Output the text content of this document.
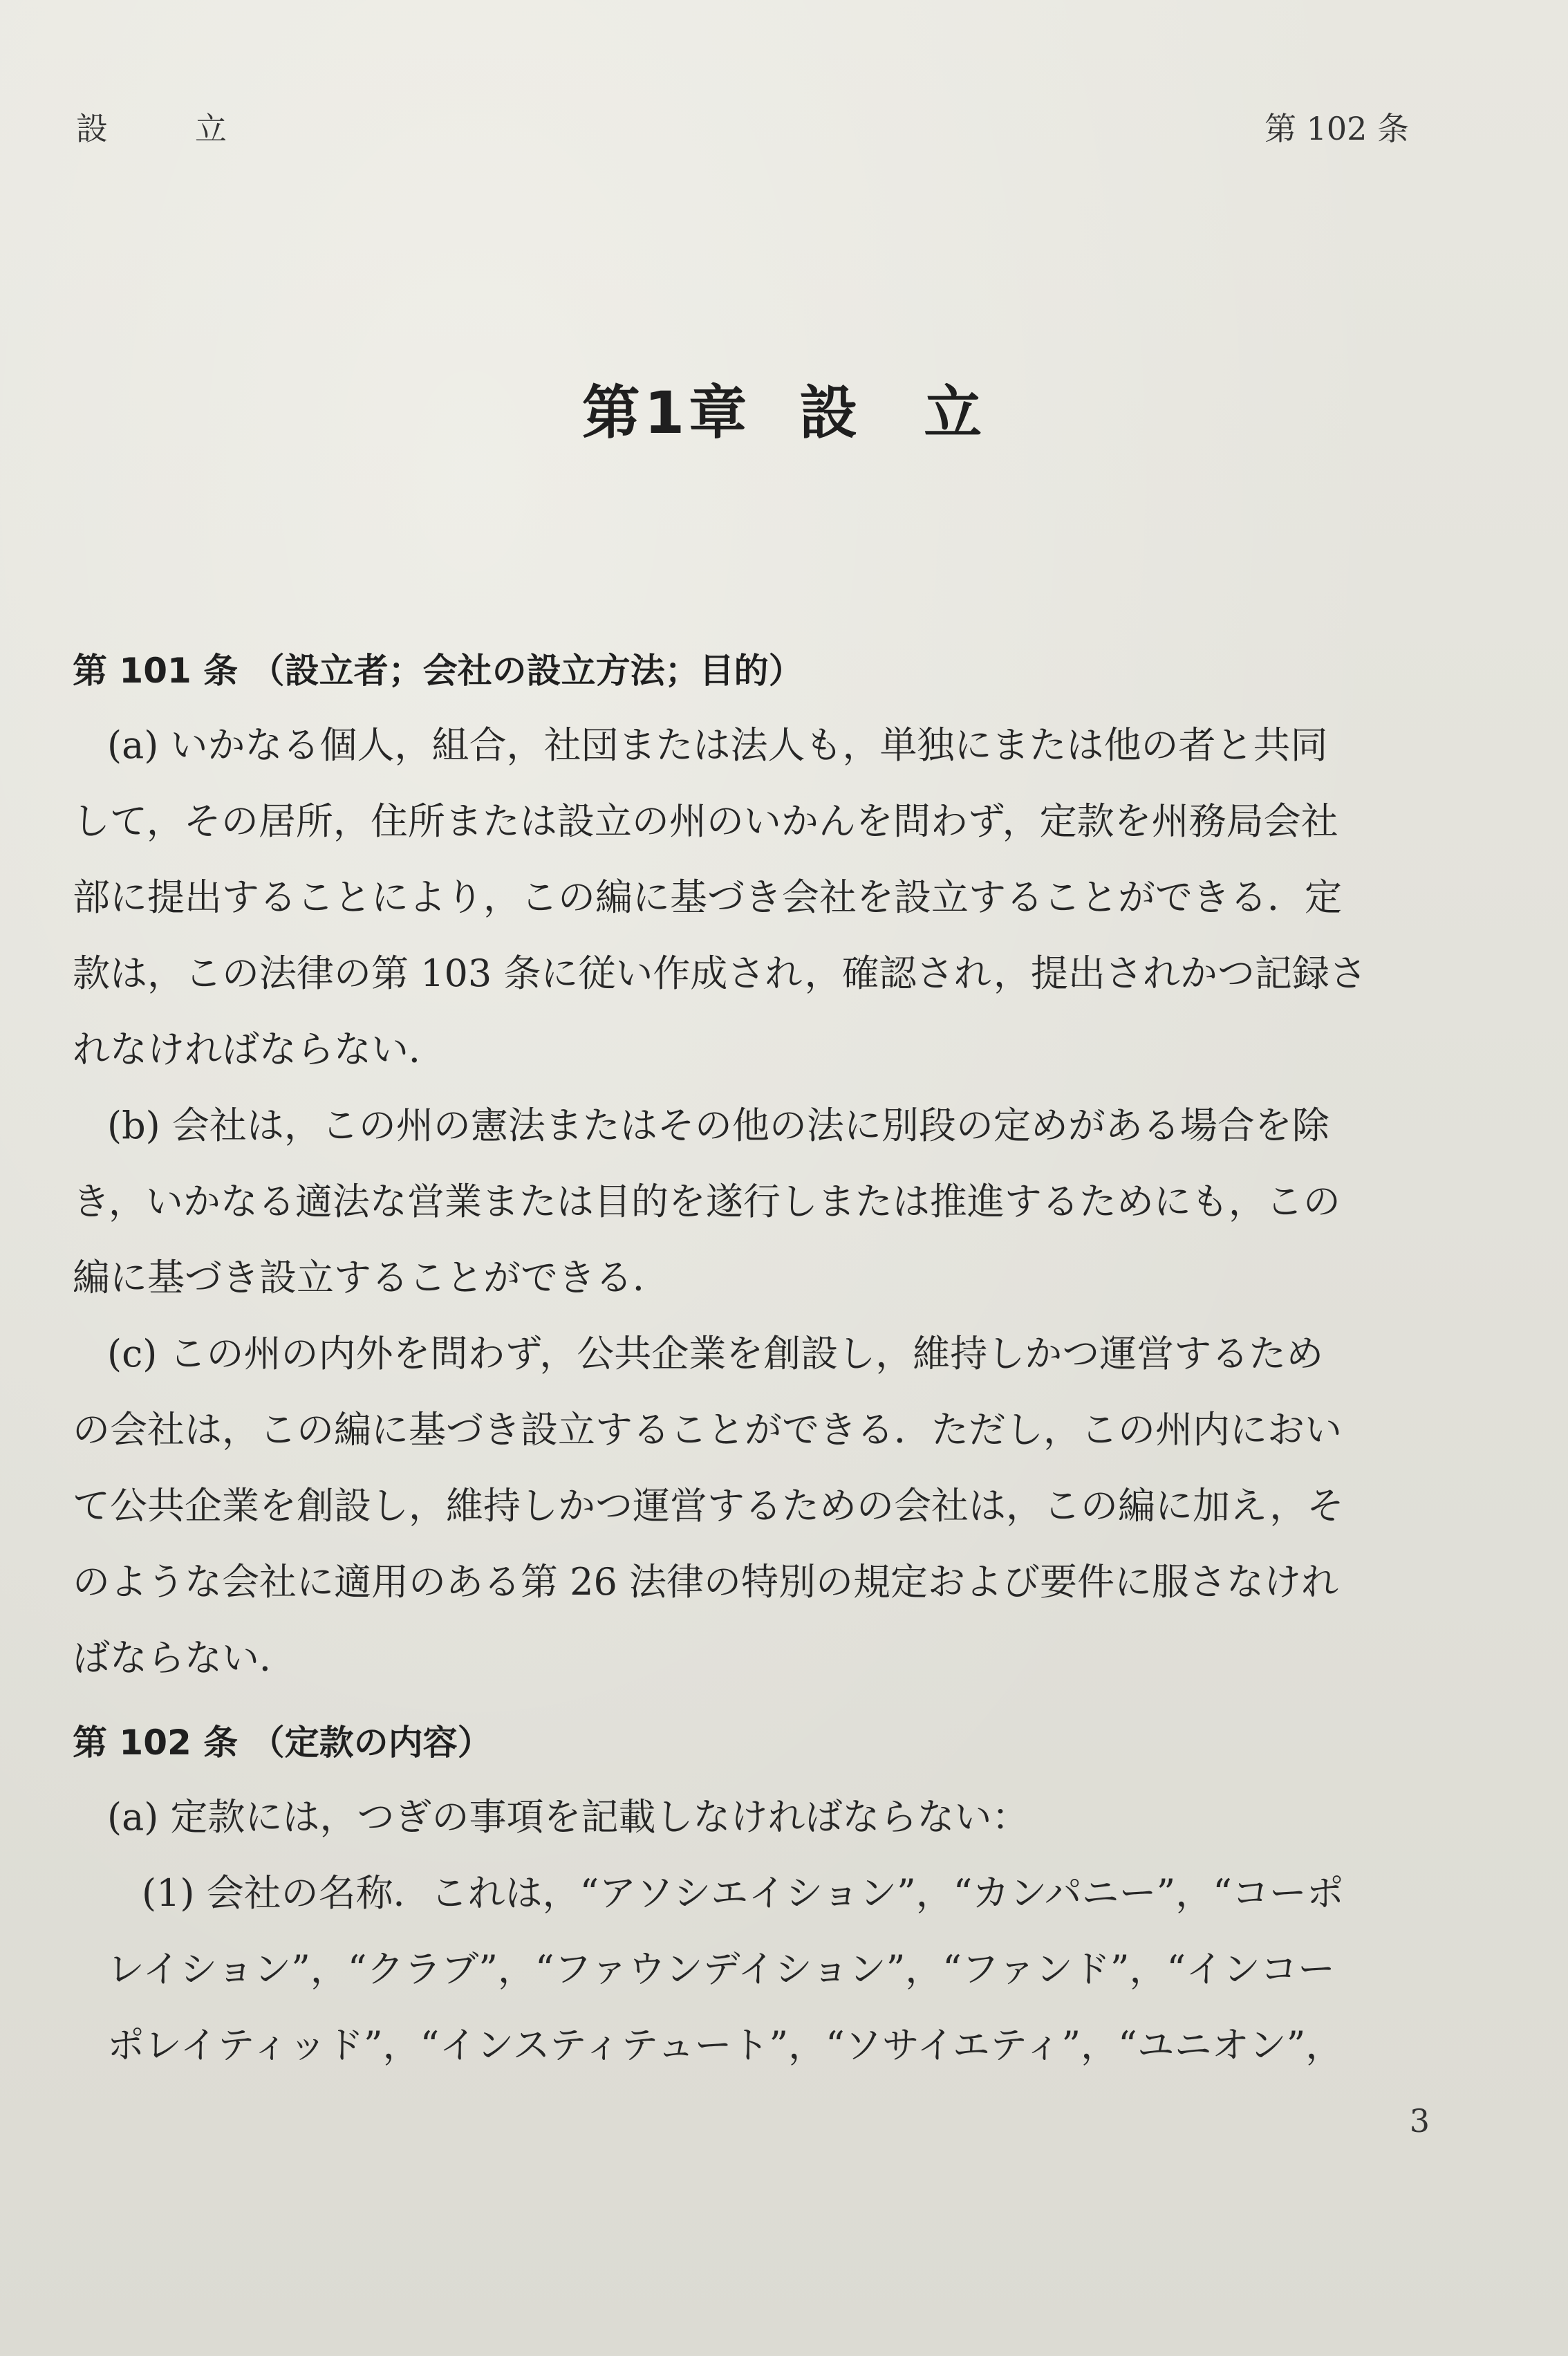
設　立	第 102 条
第1章 設　立
第 101 条 （設立者；会社の設立方法；目的）
(a) いかなる個人，組合，社団または法人も，単独にまたは他の者と共同
して，その居所，住所または設立の州のいかんを問わず，定款を州務局会社
部に提出することにより，この編に基づき会社を設立することができる．定
款は，この法律の第 103 条に従い作成され，確認され，提出されかつ記録さ
れなければならない．
(b) 会社は，この州の憲法またはその他の法に別段の定めがある場合を除
き，いかなる適法な営業または目的を遂行しまたは推進するためにも，この
編に基づき設立することができる．
(c) この州の内外を問わず，公共企業を創設し，維持しかつ運営するため
の会社は，この編に基づき設立することができる．ただし，この州内におい
て公共企業を創設し，維持しかつ運営するための会社は，この編に加え，そ
のような会社に適用のある第 26 法律の特別の規定および要件に服さなけれ
ばならない．
第 102 条 （定款の内容）
(a) 定款には，つぎの事項を記載しなければならない：
(1) 会社の名称．これは，“アソシエイション”，“カンパニー”，“コーポ
レイション”，“クラブ”，“ファウンデイション”，“ファンド”，“インコー
ポレイティッド”，“インスティテュート”，“ソサイエティ”，“ユニオン”，
3
